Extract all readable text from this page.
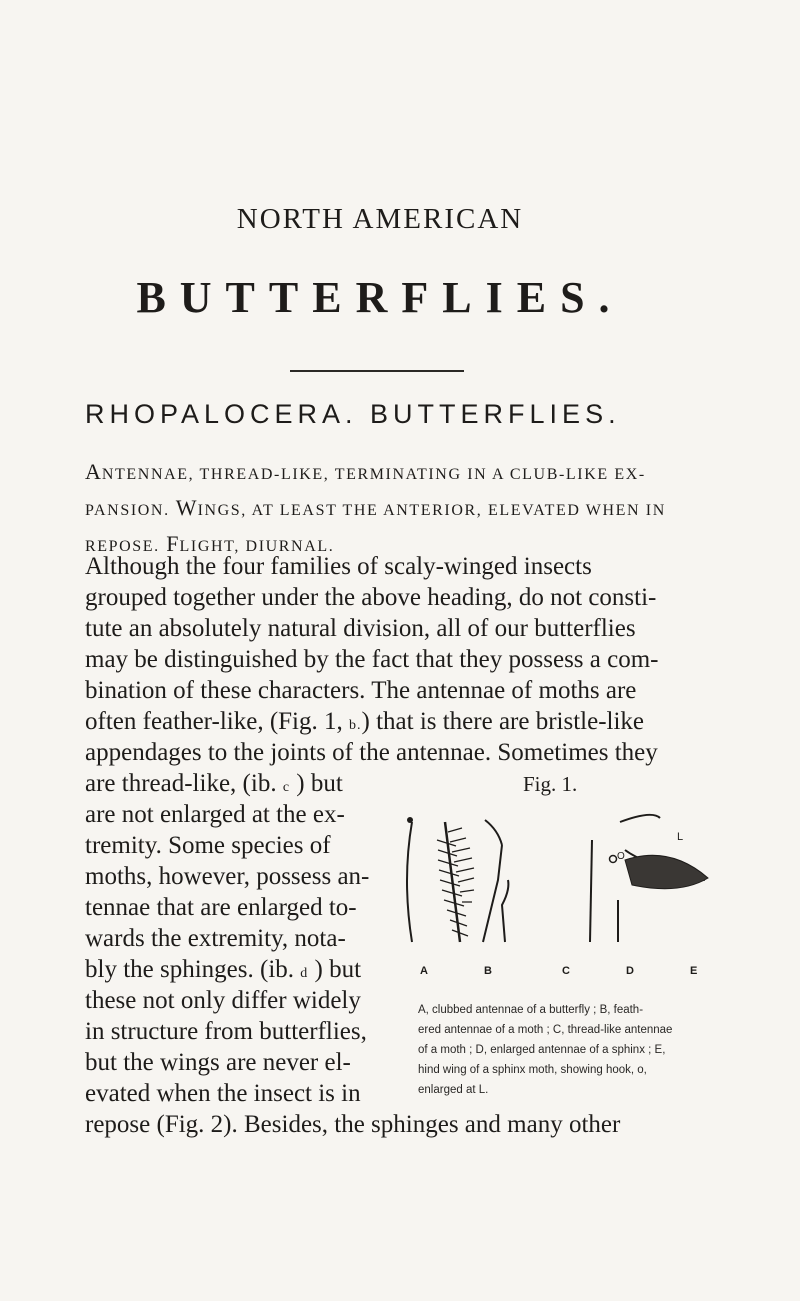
NORTH AMERICAN
BUTTERFLIES.
RHOPALOCERA. BUTTERFLIES.
ANTENNAE, THREAD-LIKE, TERMINATING IN A CLUB-LIKE EX-
PANSION. WINGS, AT LEAST THE ANTERIOR, ELEVATED WHEN IN
REPOSE. FLIGHT, DIURNAL.
Although the four families of scaly-winged insects
grouped together under the above heading, do not consti-
tute an absolutely natural division, all of our butterflies
may be distinguished by the fact that they possess a com-
bination of these characters. The antennae of moths are
often feather-like, (Fig. 1, b.) that is there are bristle-like
appendages to the joints of the antennae. Sometimes they
are thread-like, (ib. c ) but
are not enlarged at the ex-
tremity. Some species of
moths, however, possess an-
tennae that are enlarged to-
wards the extremity, nota-
bly the sphinges. (ib. d ) but
these not only differ widely
in structure from butterflies,
but the wings are never el-
evated when the insect is in
repose (Fig. 2). Besides, the sphinges and many other
Fig. 1.
L
O
A	B	C	D	E
A, clubbed antennae of a butterfly ; B, feath-
ered antennae of a moth ; C, thread-like antennae
of a moth ; D, enlarged antennae of a sphinx ; E,
hind wing of a sphinx moth, showing hook, o,
enlarged at L.
